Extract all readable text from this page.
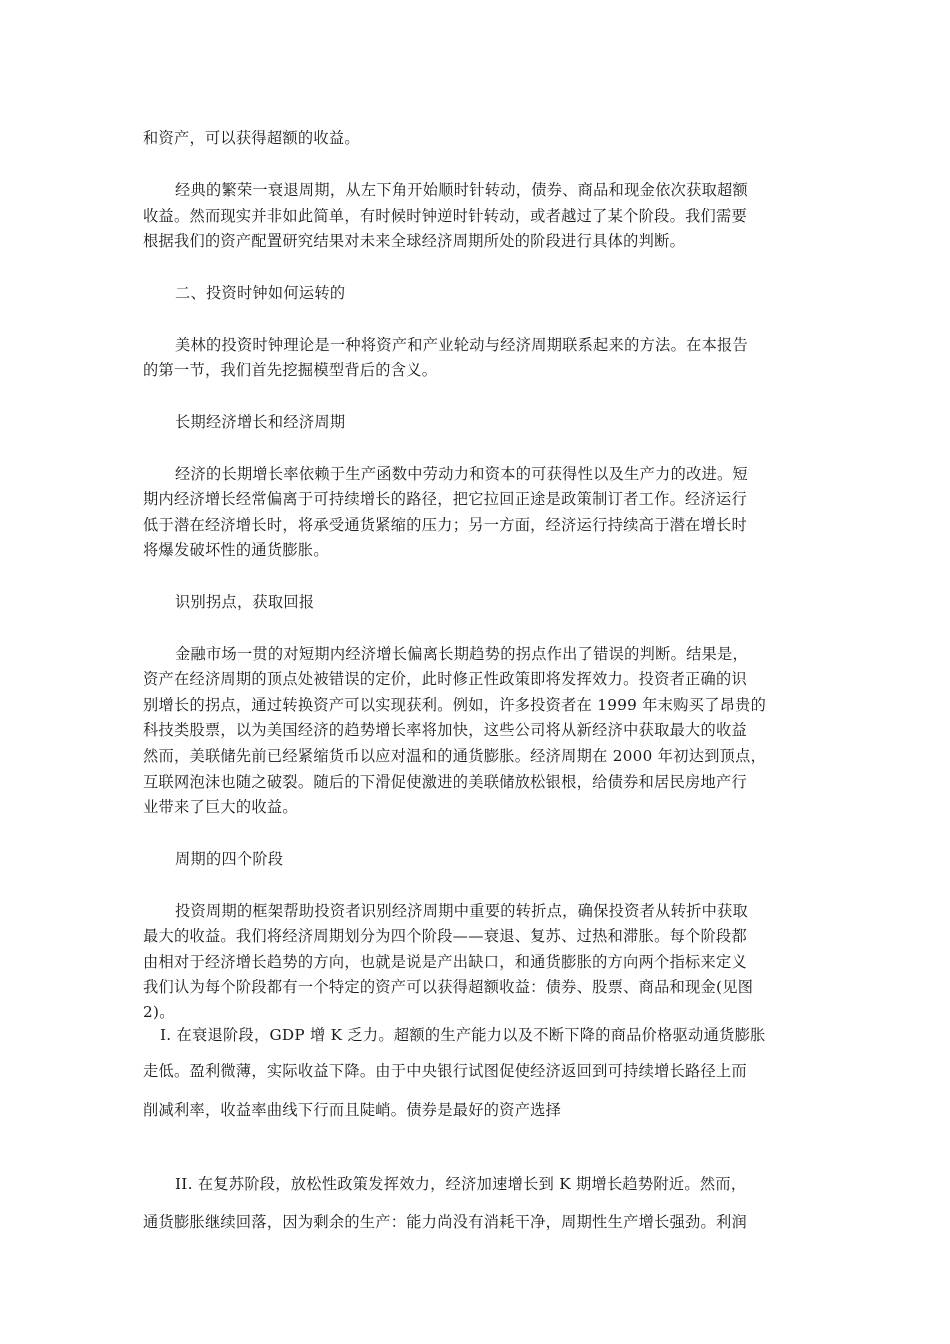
和资产，可以获得超额的收益。
经典的繁荣一衰退周期，从左下角开始顺时针转动，债券、商品和现金依次获取超额
收益。然而现实并非如此简单，有时候时钟逆时针转动，或者越过了某个阶段。我们需要
根据我们的资产配置研究结果对未来全球经济周期所处的阶段进行具体的判断。
二、投资时钟如何运转的
美林的投资时钟理论是一种将资产和产业轮动与经济周期联系起来的方法。在本报告
的第一节，我们首先挖掘模型背后的含义。
长期经济增长和经济周期
经济的长期增长率依赖于生产函数中劳动力和资本的可获得性以及生产力的改进。短
期内经济增长经常偏离于可持续增长的路径，把它拉回正途是政策制订者工作。经济运行
低于潜在经济增长时，将承受通货紧缩的压力；另一方面，经济运行持续高于潜在增长时
将爆发破坏性的通货膨胀。
识别拐点，获取回报
金融市场一贯的对短期内经济增长偏离长期趋势的拐点作出了错误的判断。结果是，
资产在经济周期的顶点处被错误的定价，此时修正性政策即将发挥效力。投资者正确的识
别增长的拐点，通过转换资产可以实现获利。例如，许多投资者在 1999 年末购买了昂贵的
科技类股票，以为美国经济的趋势增长率将加快，这些公司将从新经济中获取最大的收益
然而，美联储先前已经紧缩货币以应对温和的通货膨胀。经济周期在 2000 年初达到顶点，
互联网泡沫也随之破裂。随后的下滑促使激进的美联储放松银根，给债券和居民房地产行
业带来了巨大的收益。
周期的四个阶段
投资周期的框架帮助投资者识别经济周期中重要的转折点，确保投资者从转折中获取
最大的收益。我们将经济周期划分为四个阶段——衰退、复苏、过热和滞胀。每个阶段都
由相对于经济增长趋势的方向，也就是说是产出缺口，和通货膨胀的方向两个指标来定义
我们认为每个阶段都有一个特定的资产可以获得超额收益：债券、股票、商品和现金(见图
2)。
I. 在衰退阶段，GDP 增 K 乏力。超额的生产能力以及不断下降的商品价格驱动通货膨胀
走低。盈利微薄，实际收益下降。由于中央银行试图促使经济返回到可持续增长路径上而
削减利率，收益率曲线下行而且陡峭。债券是最好的资产选择
II. 在复苏阶段，放松性政策发挥效力，经济加速增长到 K 期增长趋势附近。然而，
通货膨胀继续回落，因为剩余的生产：能力尚没有消耗干净，周期性生产增长强劲。利润
